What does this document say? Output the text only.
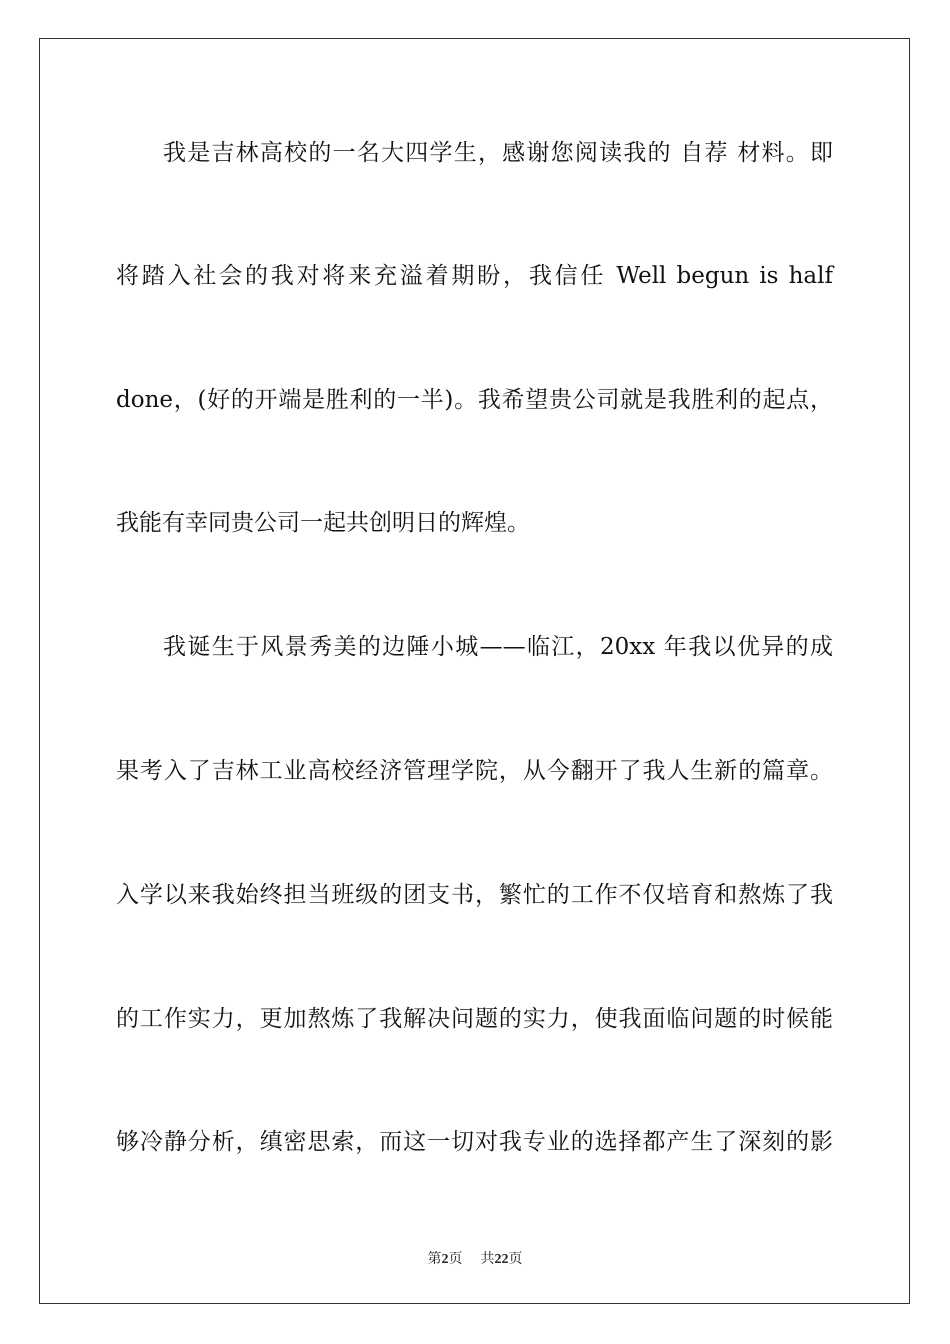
我是吉林高校的一名大四学生，感谢您阅读我的 自荐 材料。即
将踏入社会的我对将来充溢着期盼，我信任 Well begun is half
done，(好的开端是胜利的一半)。我希望贵公司就是我胜利的起点，
我能有幸同贵公司一起共创明日的辉煌。
我诞生于风景秀美的边陲小城——临江，20xx 年我以优异的成
果考入了吉林工业高校经济管理学院，从今翻开了我人生新的篇章。
入学以来我始终担当班级的团支书，繁忙的工作不仅培育和熬炼了我
的工作实力，更加熬炼了我解决问题的实力，使我面临问题的时候能
够冷静分析，缜密思索，而这一切对我专业的选择都产生了深刻的影
第2页 共22页
